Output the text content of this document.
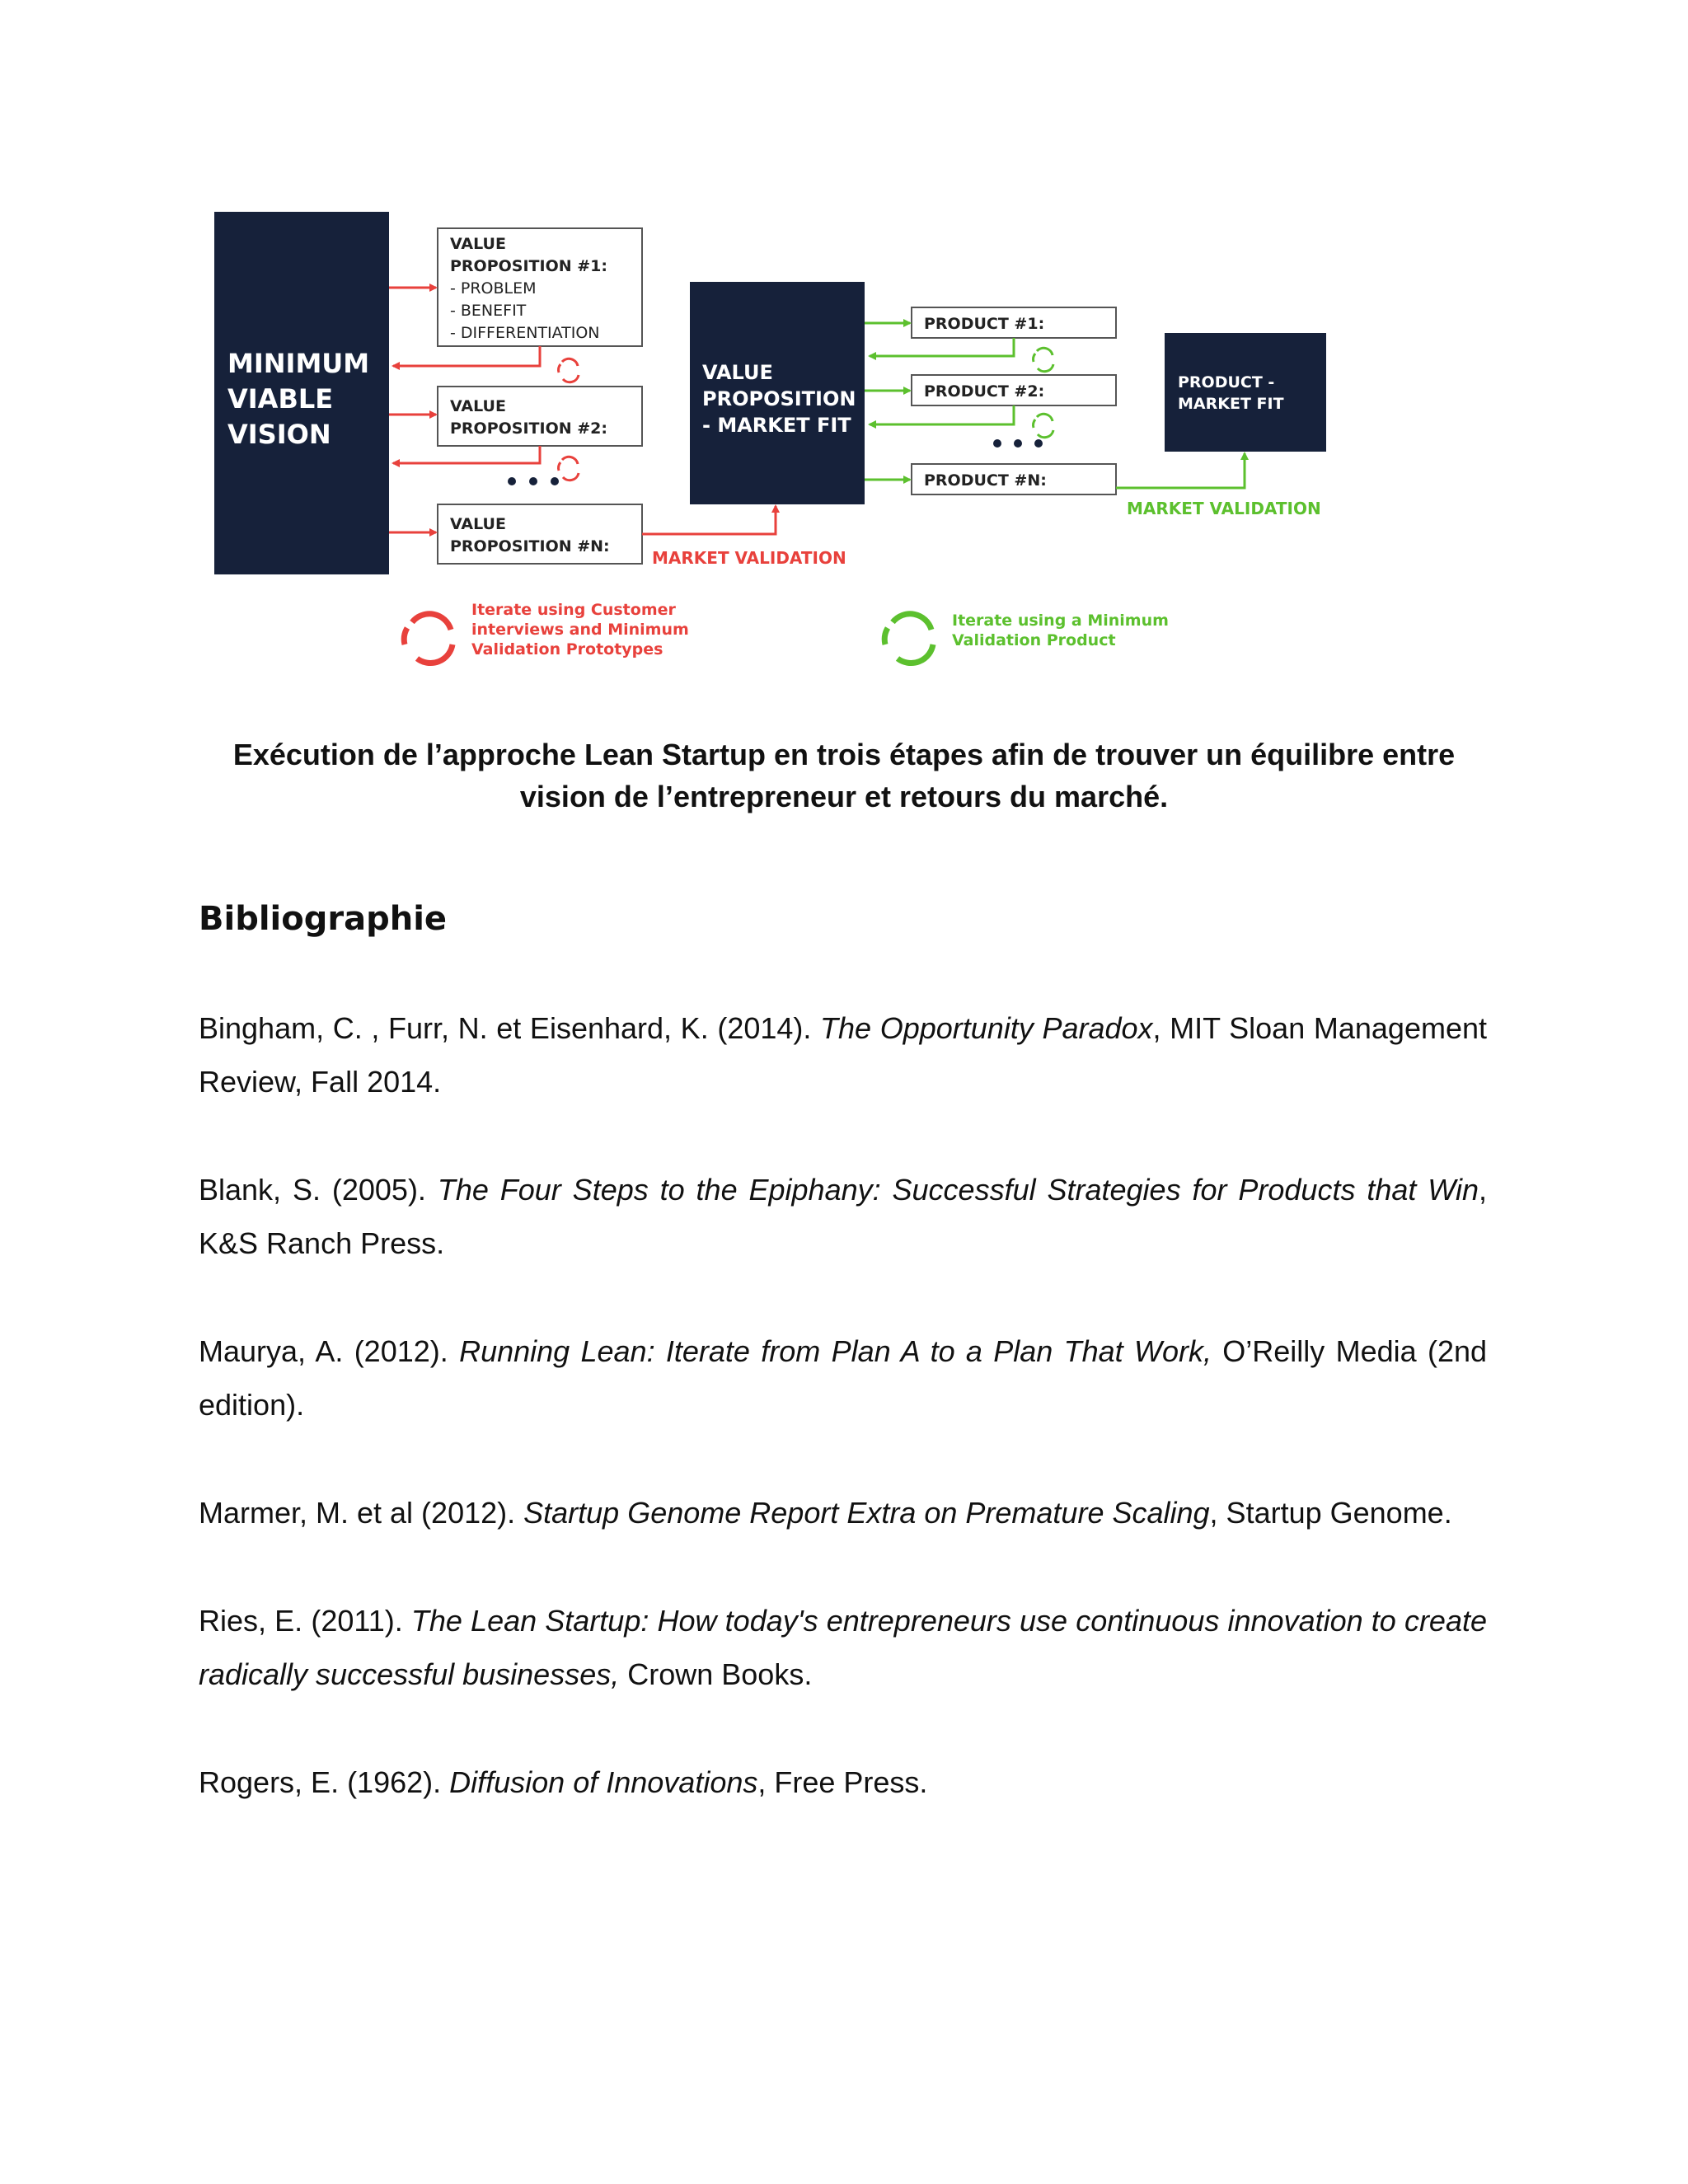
MINIMUM VIABLE VISION
VALUE PROPOSITION #1: - PROBLEM - BENEFIT - DIFFERENTIATION
VALUE PROPOSITION #2:
VALUE PROPOSITION #N:
MARKET VALIDATION
VALUE PROPOSITION - MARKET FIT
PRODUCT #1:
PRODUCT #2:
PRODUCT #N:
MARKET VALIDATION
PRODUCT - MARKET FIT
Iterate using Customer interviews and Minimum Validation Prototypes
Iterate using a Minimum Validation Product
Exécution de l’approche Lean Startup en trois étapes afin de trouver un équilibre entre
vision de l’entrepreneur et retours du marché.
Bibliographie
Bingham, C. , Furr, N. et Eisenhard, K. (2014). The Opportunity Paradox, MIT Sloan Management Review, Fall 2014.
Blank, S. (2005). The Four Steps to the Epiphany: Successful Strategies for Products that Win, K&S Ranch Press.
Maurya, A. (2012). Running Lean: Iterate from Plan A to a Plan That Work, O’Reilly Media (2nd edition).
Marmer, M. et al (2012). Startup Genome Report Extra on Premature Scaling, Startup Genome.
Ries, E. (2011). The Lean Startup: How today's entrepreneurs use continuous innovation to create radically successful businesses, Crown Books.
Rogers, E. (1962). Diffusion of Innovations, Free Press.
